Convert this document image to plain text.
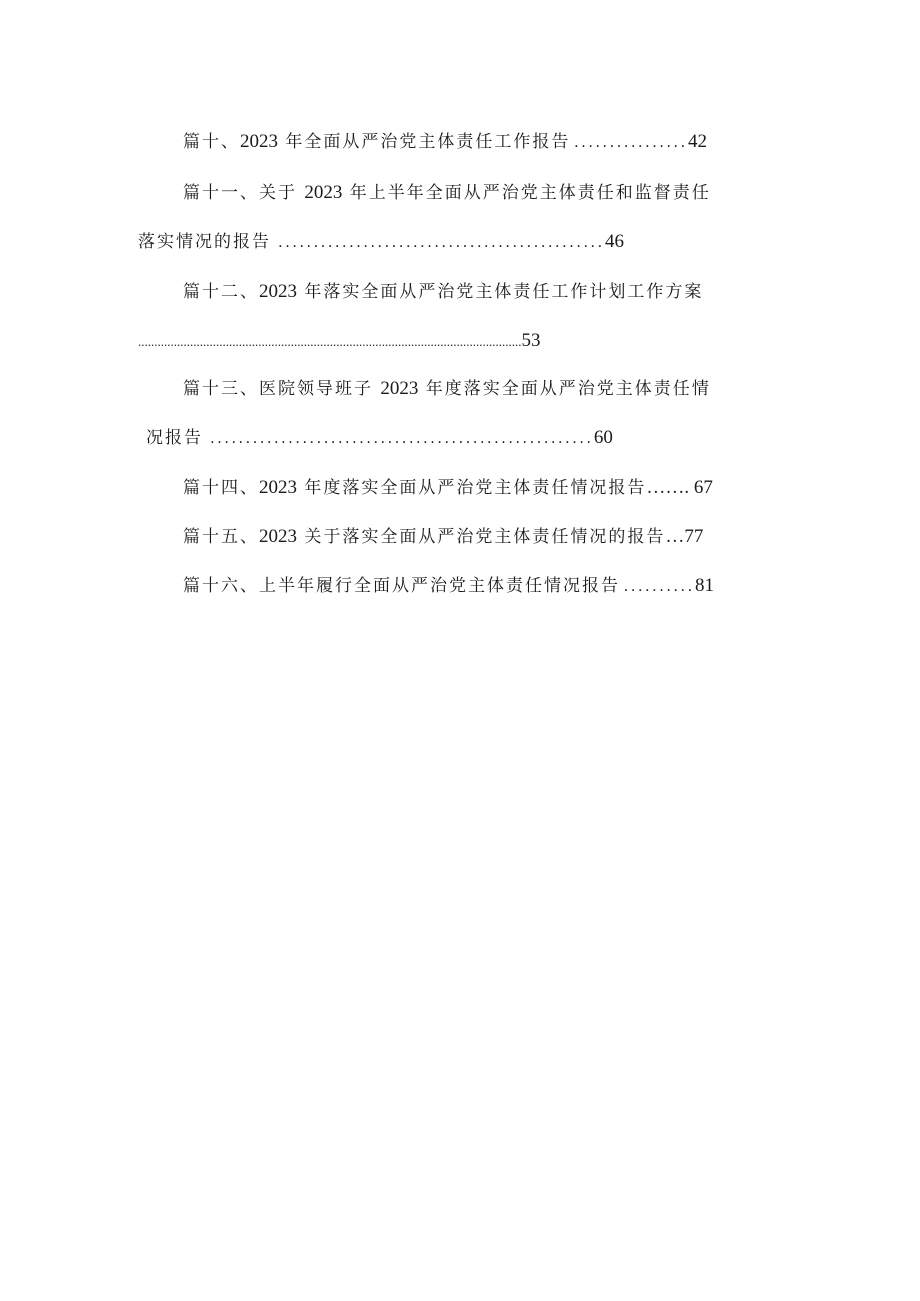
篇十、2023 年全面从严治党主体责任工作报告 ................42
篇十一、关于 2023 年上半年全面从严治党主体责任和监督责任
落实情况的报告 ..............................................46
篇十二、2023 年落实全面从严治党主体责任工作计划工作方案
......................................................................................................................53
篇十三、医院领导班子 2023 年度落实全面从严治党主体责任情
况报告 ......................................................60
篇十四、2023 年度落实全面从严治党主体责任情况报告……. 67
篇十五、2023 关于落实全面从严治党主体责任情况的报告…77
篇十六、上半年履行全面从严治党主体责任情况报告 ..........81
